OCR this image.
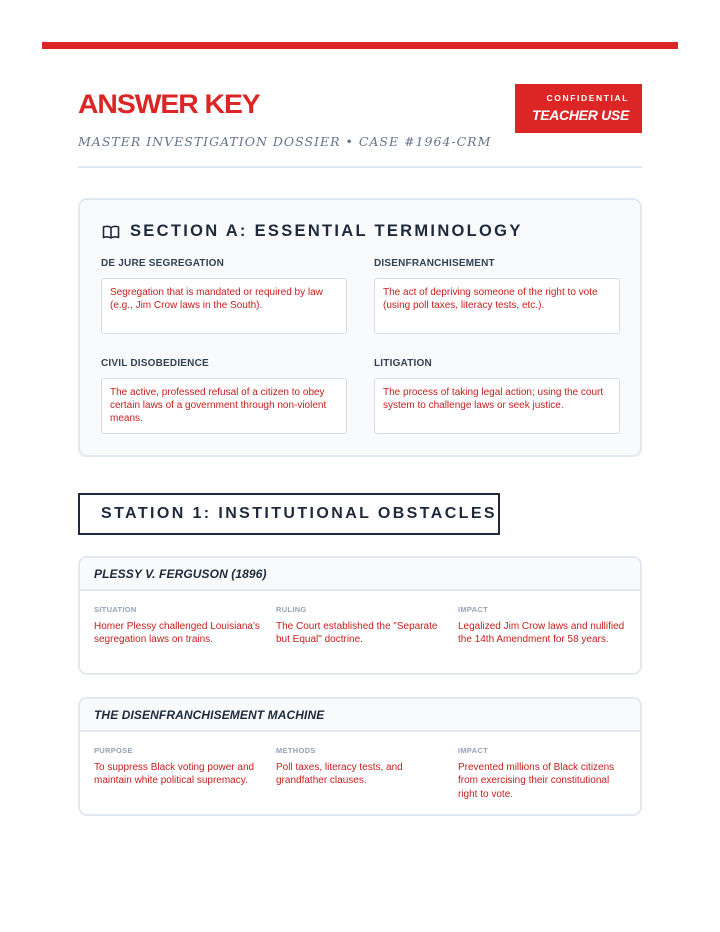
ANSWER KEY
MASTER INVESTIGATION DOSSIER • CASE #1964-CRM
CONFIDENTIAL
TEACHER USE
SECTION A: ESSENTIAL TERMINOLOGY
DE JURE SEGREGATION
Segregation that is mandated or required by law (e.g., Jim Crow laws in the South).
DISENFRANCHISEMENT
The act of depriving someone of the right to vote (using poll taxes, literacy tests, etc.).
CIVIL DISOBEDIENCE
The active, professed refusal of a citizen to obey certain laws of a government through non-violent means.
LITIGATION
The process of taking legal action; using the court system to challenge laws or seek justice.
STATION 1: INSTITUTIONAL OBSTACLES
PLESSY V. FERGUSON (1896)
SITUATION
Homer Plessy challenged Louisiana's segregation laws on trains.
RULING
The Court established the "Separate but Equal" doctrine.
IMPACT
Legalized Jim Crow laws and nullified the 14th Amendment for 58 years.
THE DISENFRANCHISEMENT MACHINE
PURPOSE
To suppress Black voting power and maintain white political supremacy.
METHODS
Poll taxes, literacy tests, and grandfather clauses.
IMPACT
Prevented millions of Black citizens from exercising their constitutional right to vote.
